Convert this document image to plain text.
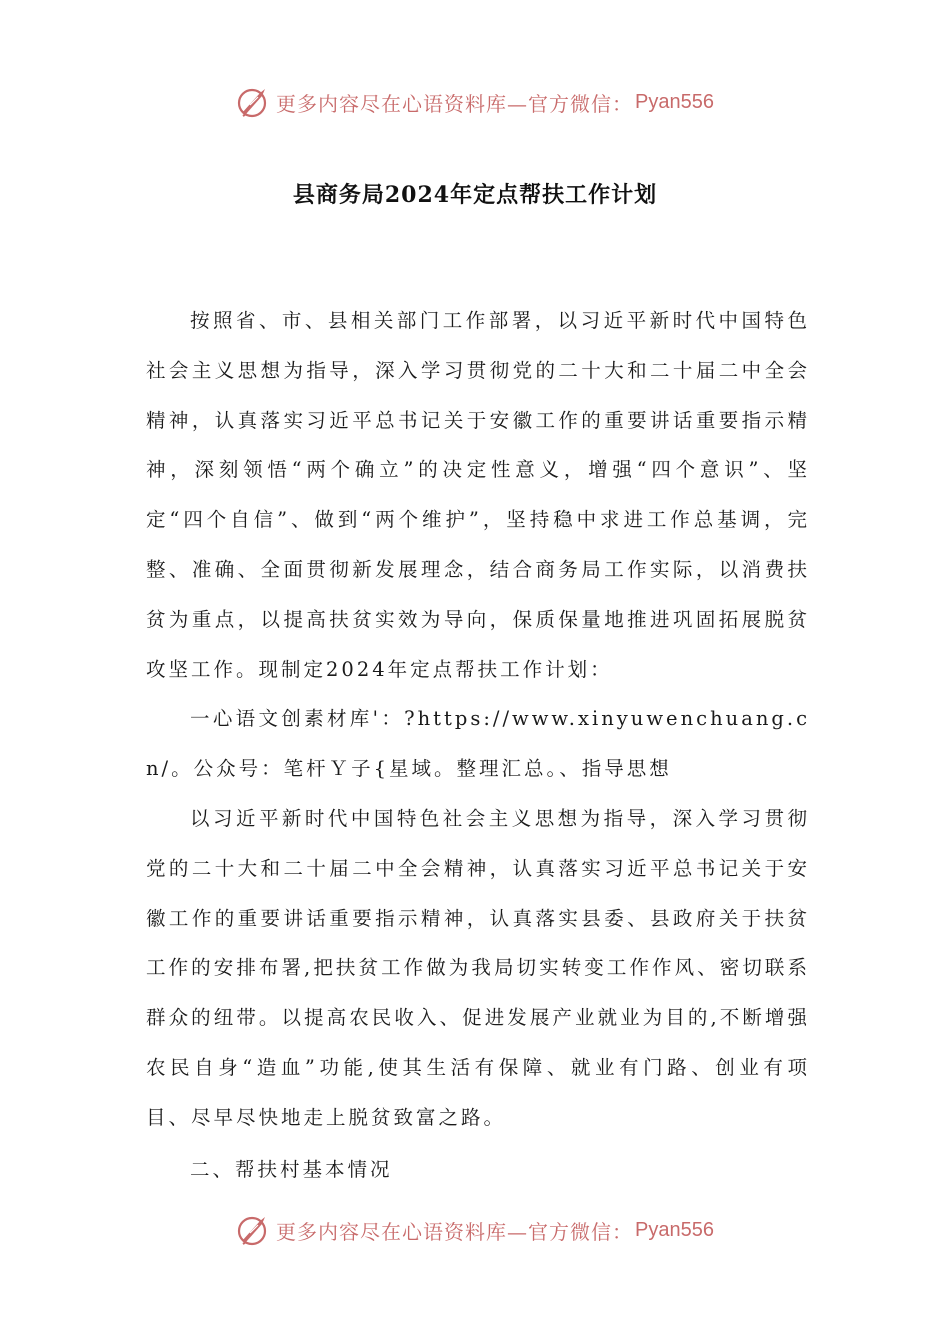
更多内容尽在心语资料库—官方微信： Pyan556
县商务局2024年定点帮扶工作计划

按照省、市、县相关部门工作部署，以习近平新时代中国特色社会主义思想为指导，深入学习贯彻党的二十大和二十届二中全会精神，认真落实习近平总书记关于安徽工作的重要讲话重要指示精神，深刻领悟“两个确立”的决定性意义，增强“四个意识”、坚定“四个自信”、做到“两个维护”，坚持稳中求进工作总基调，完整、准确、全面贯彻新发展理念，结合商务局工作实际，以消费扶贫为重点，以提高扶贫实效为导向，保质保量地推进巩固拓展脱贫攻坚工作。现制定2024年定点帮扶工作计划：

一心语文创素材库'：?https://www.xinyuwenchuang.cn/。公众号：笔杆Ｙ子{星域。整理汇总。、指导思想

以习近平新时代中国特色社会主义思想为指导，深入学习贯彻党的二十大和二十届二中全会精神，认真落实习近平总书记关于安徽工作的重要讲话重要指示精神，认真落实县委、县政府关于扶贫工作的安排布署,把扶贫工作做为我局切实转变工作作风、密切联系群众的纽带。以提高农民收入、促进发展产业就业为目的,不断增强农民自身“造血”功能,使其生活有保障、就业有门路、创业有项目、尽早尽快地走上脱贫致富之路。

二、帮扶村基本情况

更多内容尽在心语资料库—官方微信： Pyan556
